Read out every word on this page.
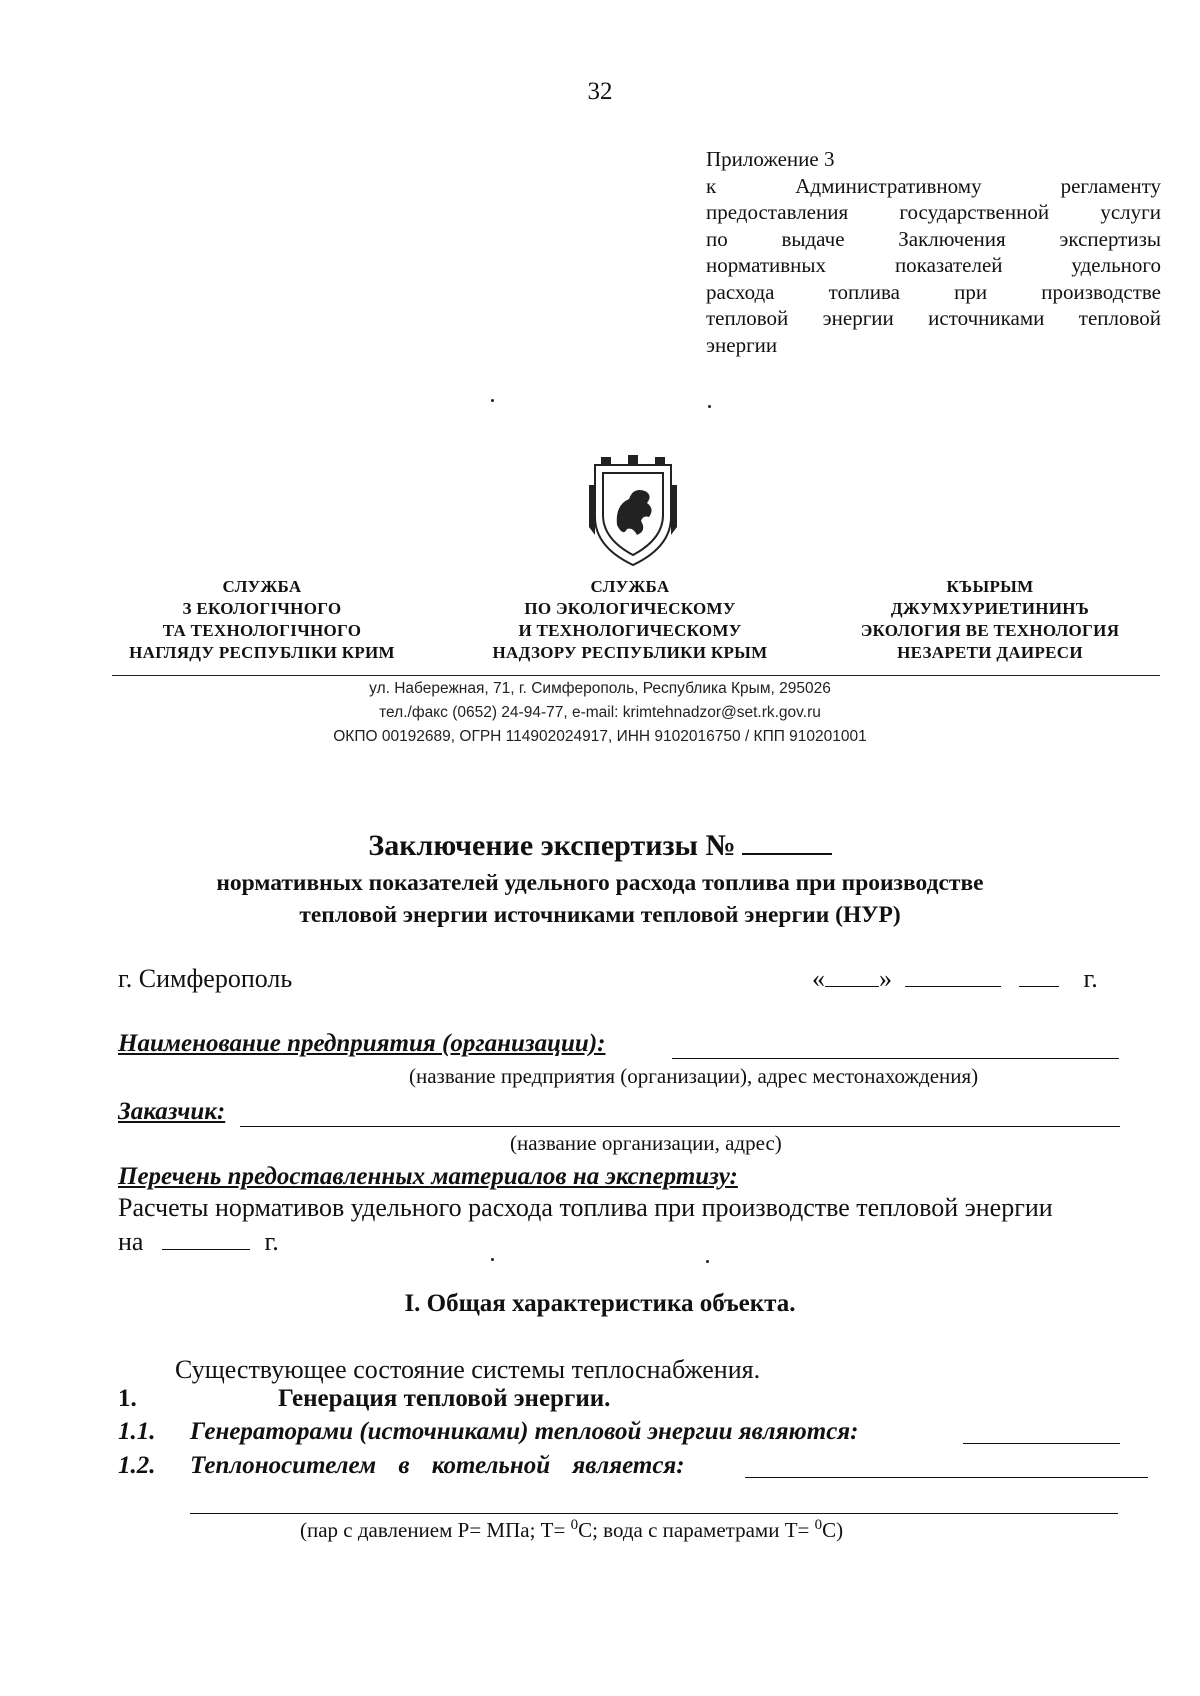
32
Приложение 3
к Административному регламенту
предоставления государственной услуги
по выдаче Заключения экспертизы
нормативных показателей удельного
расхода топлива при производстве
тепловой энергии источниками тепловой
энергии
СЛУЖБА
З ЕКОЛОГІЧНОГО
ТА ТЕХНОЛОГІЧНОГО
НАГЛЯДУ РЕСПУБЛІКИ КРИМ
СЛУЖБА
ПО ЭКОЛОГИЧЕСКОМУ
И ТЕХНОЛОГИЧЕСКОМУ
НАДЗОРУ РЕСПУБЛИКИ КРЫМ
КЪЫРЫМ
ДЖУМХУРИЕТИНИНЪ
ЭКОЛОГИЯ ВЕ ТЕХНОЛОГИЯ
НЕЗАРЕТИ ДАИРЕСИ
ул. Набережная, 71, г. Симферополь, Республика Крым, 295026
тел./факс (0652) 24-94-77, e-mail: krimtehnadzor@set.rk.gov.ru
ОКПО 00192689, ОГРН 114902024917, ИНН 9102016750 / КПП 910201001
Заключение экспертизы №
нормативных показателей удельного расхода топлива при производстве
тепловой энергии источниками тепловой энергии (НУР)
г. Симферополь	« »	г.
Наименование предприятия (организации):
(название предприятия (организации), адрес местонахождения)
Заказчик:
(название организации, адрес)
Перечень предоставленных материалов на экспертизу:
Расчеты нормативов удельного расхода топлива при производстве тепловой энергии
на	г.
I. Общая характеристика объекта.
Существующее состояние системы теплоснабжения.
1.	Генерация тепловой энергии.
1.1. Генераторами (источниками) тепловой энергии являются:
1.2. Теплоносителем в котельной является:
(пар с давлением Р= МПа; Т= $^0$С; вода с параметрами Т= $^0$С)
